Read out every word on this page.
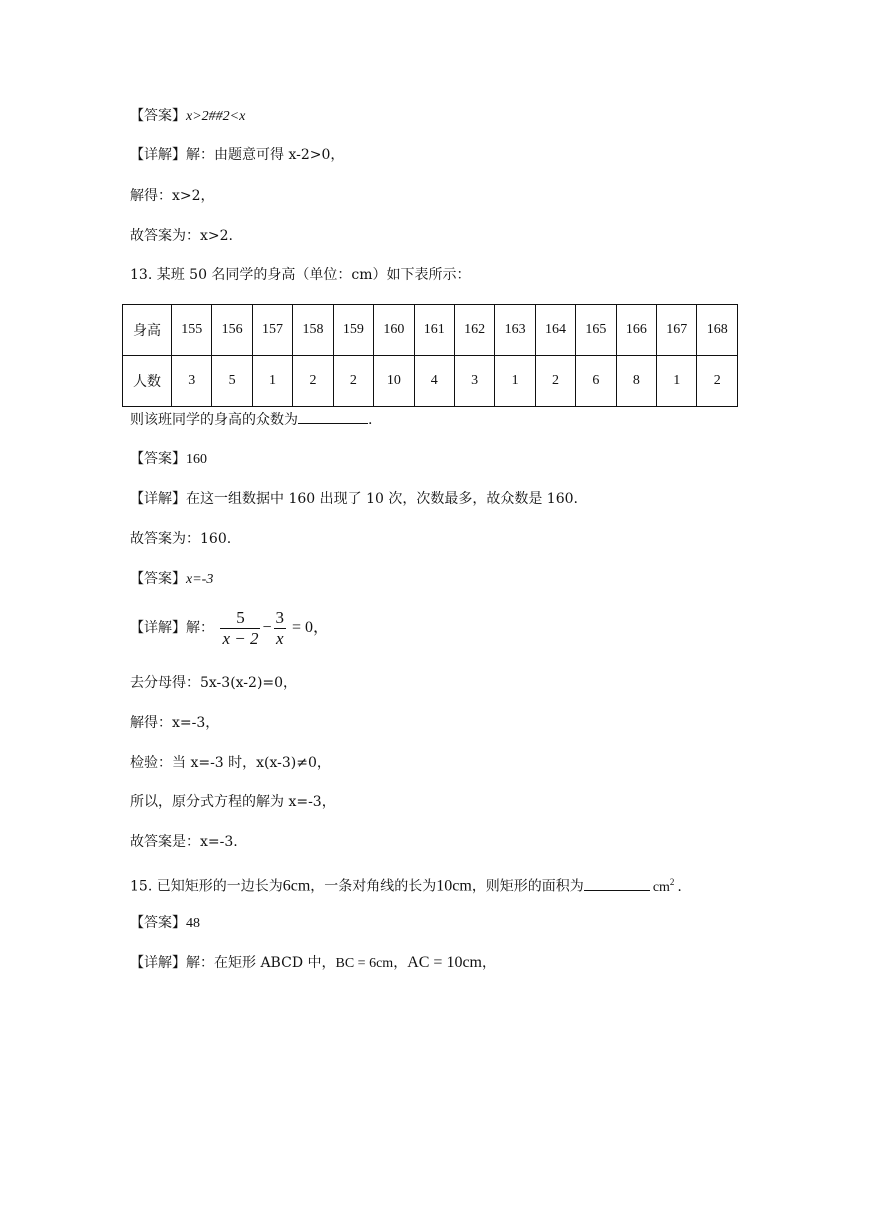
【答案】x>2##2<x
【详解】解：由题意可得 x-2>0，
解得：x>2，
故答案为：x>2.
13. 某班 50 名同学的身高（单位：cm）如下表所示：
身高	155	156	157	158	159	160	161	162	163	164	165	166	167	168
人数	3	5	1	2	2	10	4	3	1	2	6	8	1	2
则该班同学的身高的众数为	.
【答案】160
【详解】在这一组数据中 160 出现了 10 次，次数最多，故众数是 160.
故答案为：160.
【答案】x=-3
【详解】解： $\frac{5}{x - 2} - \frac{3}{x} = 0$，
去分母得：5x-3(x-2)=0，
解得：x=-3，
检验：当 x=-3 时，x(x-3)≠0，
所以，原分式方程的解为 x=-3，
故答案是：x=-3.
15. 已知矩形的一边长为6cm，一条对角线的长为10cm，则矩形的面积为	$cm^2$ .
【答案】48
【详解】解：在矩形 ABCD 中，BC = 6cm，AC = 10cm，
